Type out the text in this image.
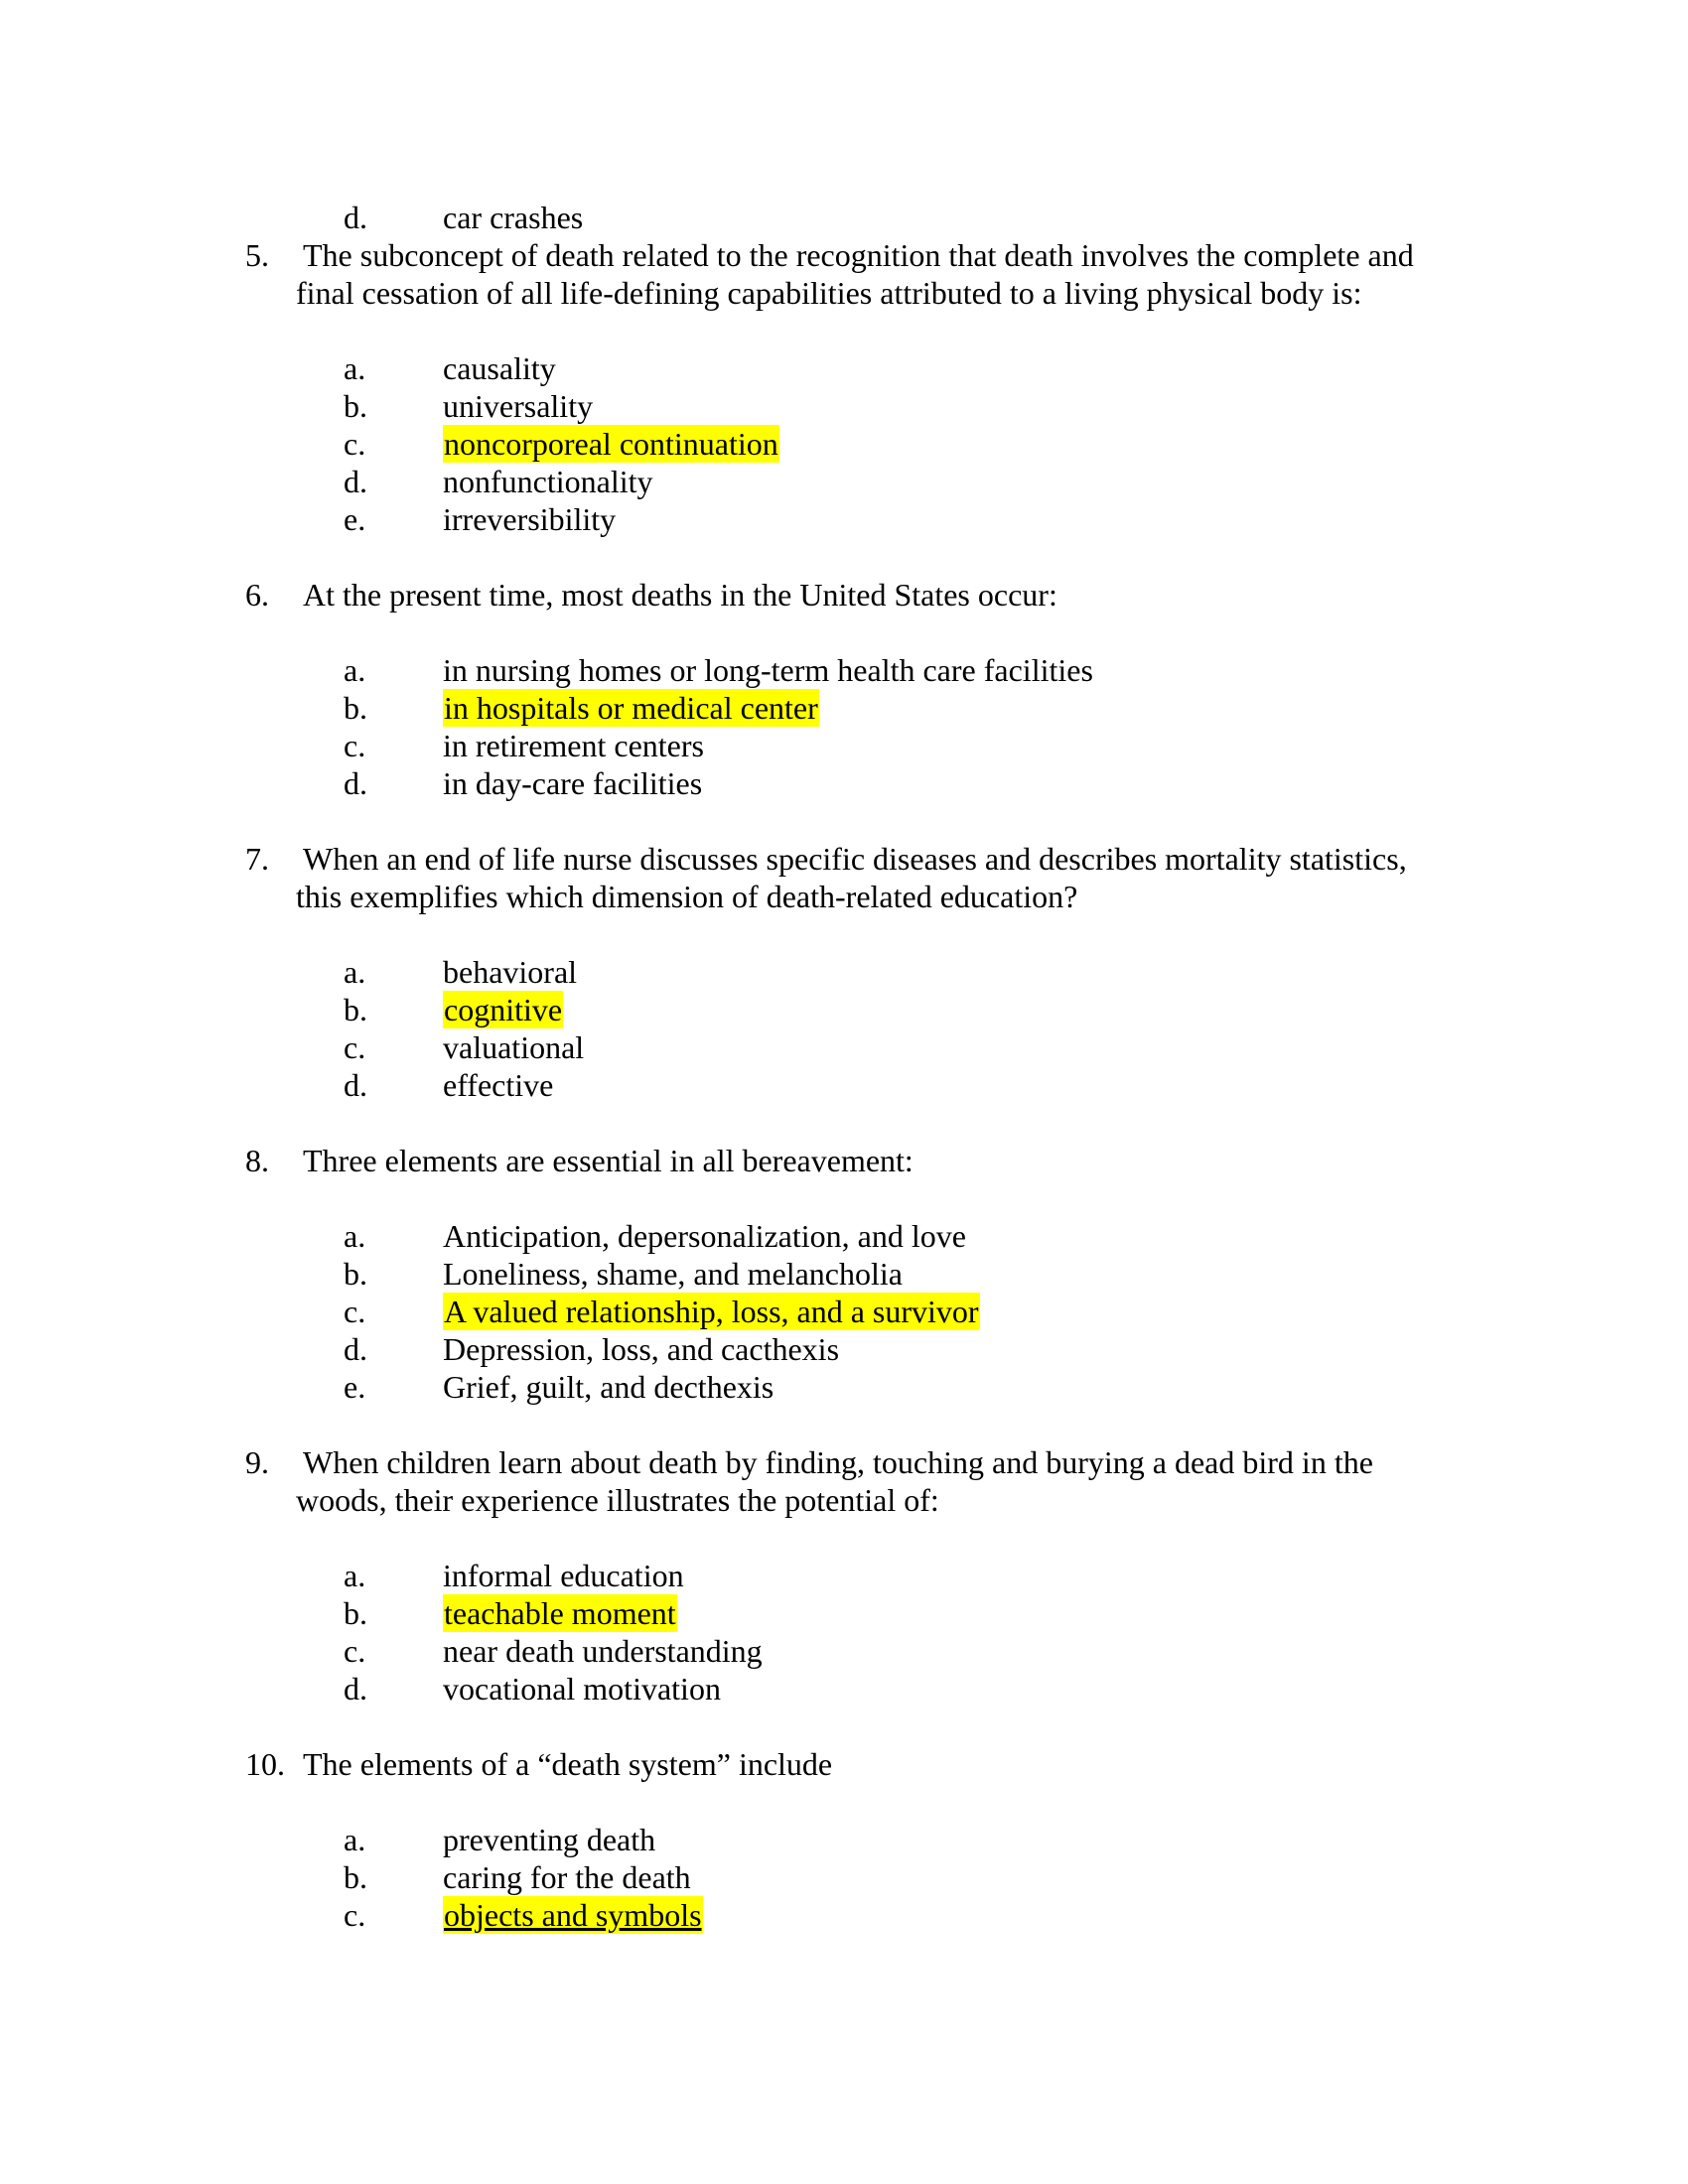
d. car crashes
5. The subconcept of death related to the recognition that death involves the complete and
final cessation of all life-defining capabilities attributed to a living physical body is:
a. causality
b. universality
c. noncorporeal continuation
d. nonfunctionality
e. irreversibility
6. At the present time, most deaths in the United States occur:
a. in nursing homes or long-term health care facilities
b. in hospitals or medical center
c. in retirement centers
d. in day-care facilities
7. When an end of life nurse discusses specific diseases and describes mortality statistics,
this exemplifies which dimension of death-related education?
a. behavioral
b. cognitive
c. valuational
d. effective
8. Three elements are essential in all bereavement:
a. Anticipation, depersonalization, and love
b. Loneliness, shame, and melancholia
c. A valued relationship, loss, and a survivor
d. Depression, loss, and cacthexis
e. Grief, guilt, and decthexis
9. When children learn about death by finding, touching and burying a dead bird in the
woods, their experience illustrates the potential of:
a. informal education
b. teachable moment
c. near death understanding
d. vocational motivation
10. The elements of a “death system” include
a. preventing death
b. caring for the death
c. objects and symbols
